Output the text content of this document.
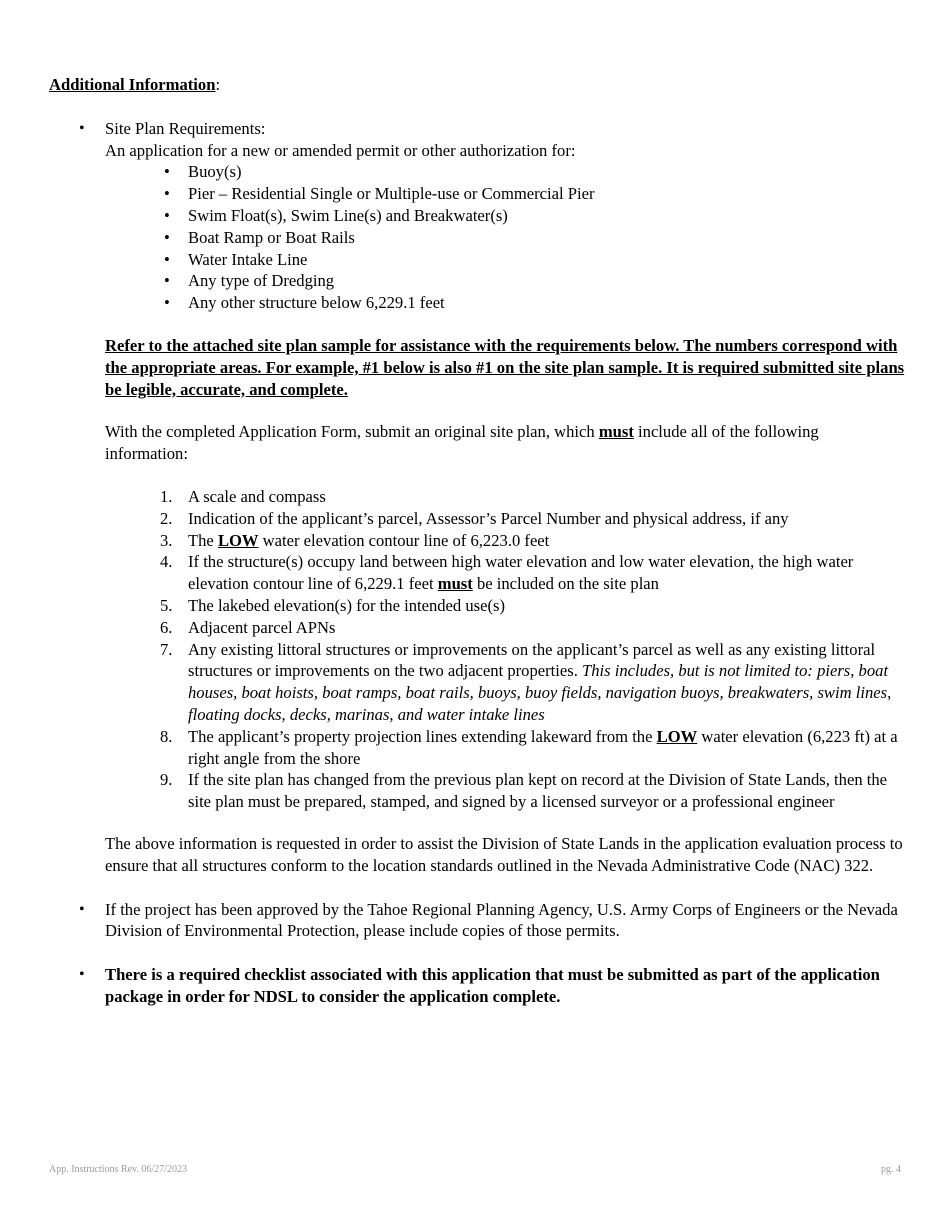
Additional Information:
• Site Plan Requirements:
An application for a new or amended permit or other authorization for:
• Buoy(s)
• Pier – Residential Single or Multiple-use or Commercial Pier
• Swim Float(s), Swim Line(s) and Breakwater(s)
• Boat Ramp or Boat Rails
• Water Intake Line
• Any type of Dredging
• Any other structure below 6,229.1 feet
Refer to the attached site plan sample for assistance with the requirements below. The numbers correspond with the appropriate areas. For example, #1 below is also #1 on the site plan sample. It is required submitted site plans be legible, accurate, and complete.
With the completed Application Form, submit an original site plan, which must include all of the following information:
1. A scale and compass
2. Indication of the applicant’s parcel, Assessor’s Parcel Number and physical address, if any
3. The LOW water elevation contour line of 6,223.0 feet
4. If the structure(s) occupy land between high water elevation and low water elevation, the high water elevation contour line of 6,229.1 feet must be included on the site plan
5. The lakebed elevation(s) for the intended use(s)
6. Adjacent parcel APNs
7. Any existing littoral structures or improvements on the applicant’s parcel as well as any existing littoral structures or improvements on the two adjacent properties. This includes, but is not limited to: piers, boat houses, boat hoists, boat ramps, boat rails, buoys, buoy fields, navigation buoys, breakwaters, swim lines, floating docks, decks, marinas, and water intake lines
8. The applicant’s property projection lines extending lakeward from the LOW water elevation (6,223 ft) at a right angle from the shore
9. If the site plan has changed from the previous plan kept on record at the Division of State Lands, then the site plan must be prepared, stamped, and signed by a licensed surveyor or a professional engineer
The above information is requested in order to assist the Division of State Lands in the application evaluation process to ensure that all structures conform to the location standards outlined in the Nevada Administrative Code (NAC) 322.
• If the project has been approved by the Tahoe Regional Planning Agency, U.S. Army Corps of Engineers or the Nevada Division of Environmental Protection, please include copies of those permits.
• There is a required checklist associated with this application that must be submitted as part of the application package in order for NDSL to consider the application complete.
App. Instructions Rev. 06/27/2023	pg. 4
